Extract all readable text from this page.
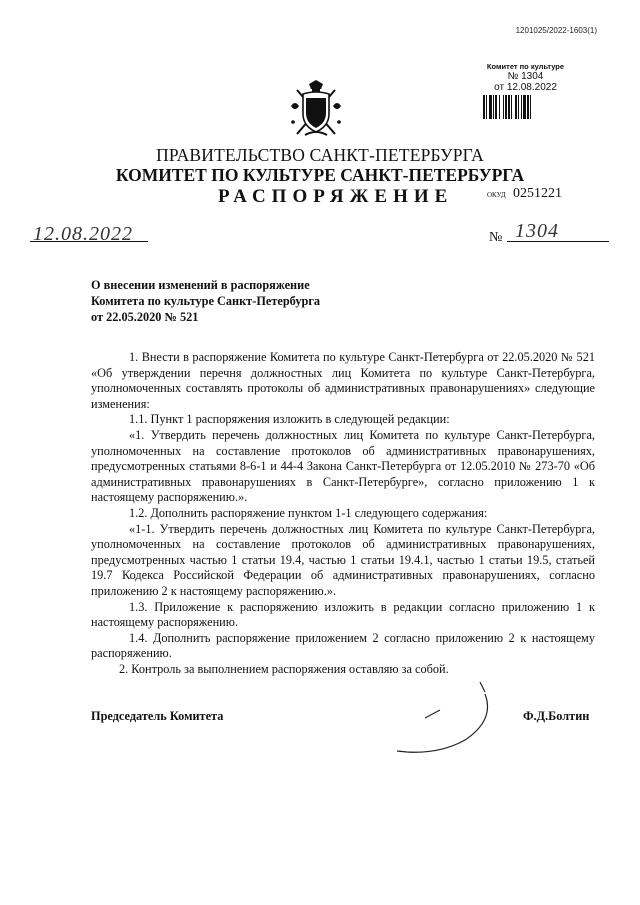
1201025/2022-1603(1)
Комитет по культуре
№ 1304
от 12.08.2022
ПРАВИТЕЛЬСТВО САНКТ-ПЕТЕРБУРГА
КОМИТЕТ ПО КУЛЬТУРЕ САНКТ-ПЕТЕРБУРГА
РАСПОРЯЖЕНИЕ	ОКУД 0251221
12.08.2022	№ 1304
О внесении изменений в распоряжение
Комитета по культуре Санкт-Петербурга
от 22.05.2020 № 521

1. Внести в распоряжение Комитета по культуре Санкт-Петербурга от 22.05.2020 № 521 «Об утверждении перечня должностных лиц Комитета по культуре Санкт-Петербурга, уполномоченных составлять протоколы об административных правонарушениях» следующие изменения:

1.1. Пункт 1 распоряжения изложить в следующей редакции:

«1. Утвердить перечень должностных лиц Комитета по культуре Санкт-Петербурга, уполномоченных на составление протоколов об административных правонарушениях, предусмотренных статьями 8-6-1 и 44-4 Закона Санкт-Петербурга от 12.05.2010 № 273-70 «Об административных правонарушениях в Санкт-Петербурге», согласно приложению 1 к настоящему распоряжению.».

1.2. Дополнить распоряжение пунктом 1-1 следующего содержания:

«1-1. Утвердить перечень должностных лиц Комитета по культуре Санкт-Петербурга, уполномоченных на составление протоколов об административных правонарушениях, предусмотренных частью 1 статьи 19.4, частью 1 статьи 19.4.1, частью 1 статьи 19.5, статьей 19.7 Кодекса Российской Федерации об административных правонарушениях, согласно приложению 2 к настоящему распоряжению.».

1.3. Приложение к распоряжению изложить в редакции согласно приложению 1 к настоящему распоряжению.

1.4. Дополнить распоряжение приложением 2 согласно приложению 2 к настоящему распоряжению.

2. Контроль за выполнением распоряжения оставляю за собой.

Председатель Комитета	Ф.Д.Болтин
